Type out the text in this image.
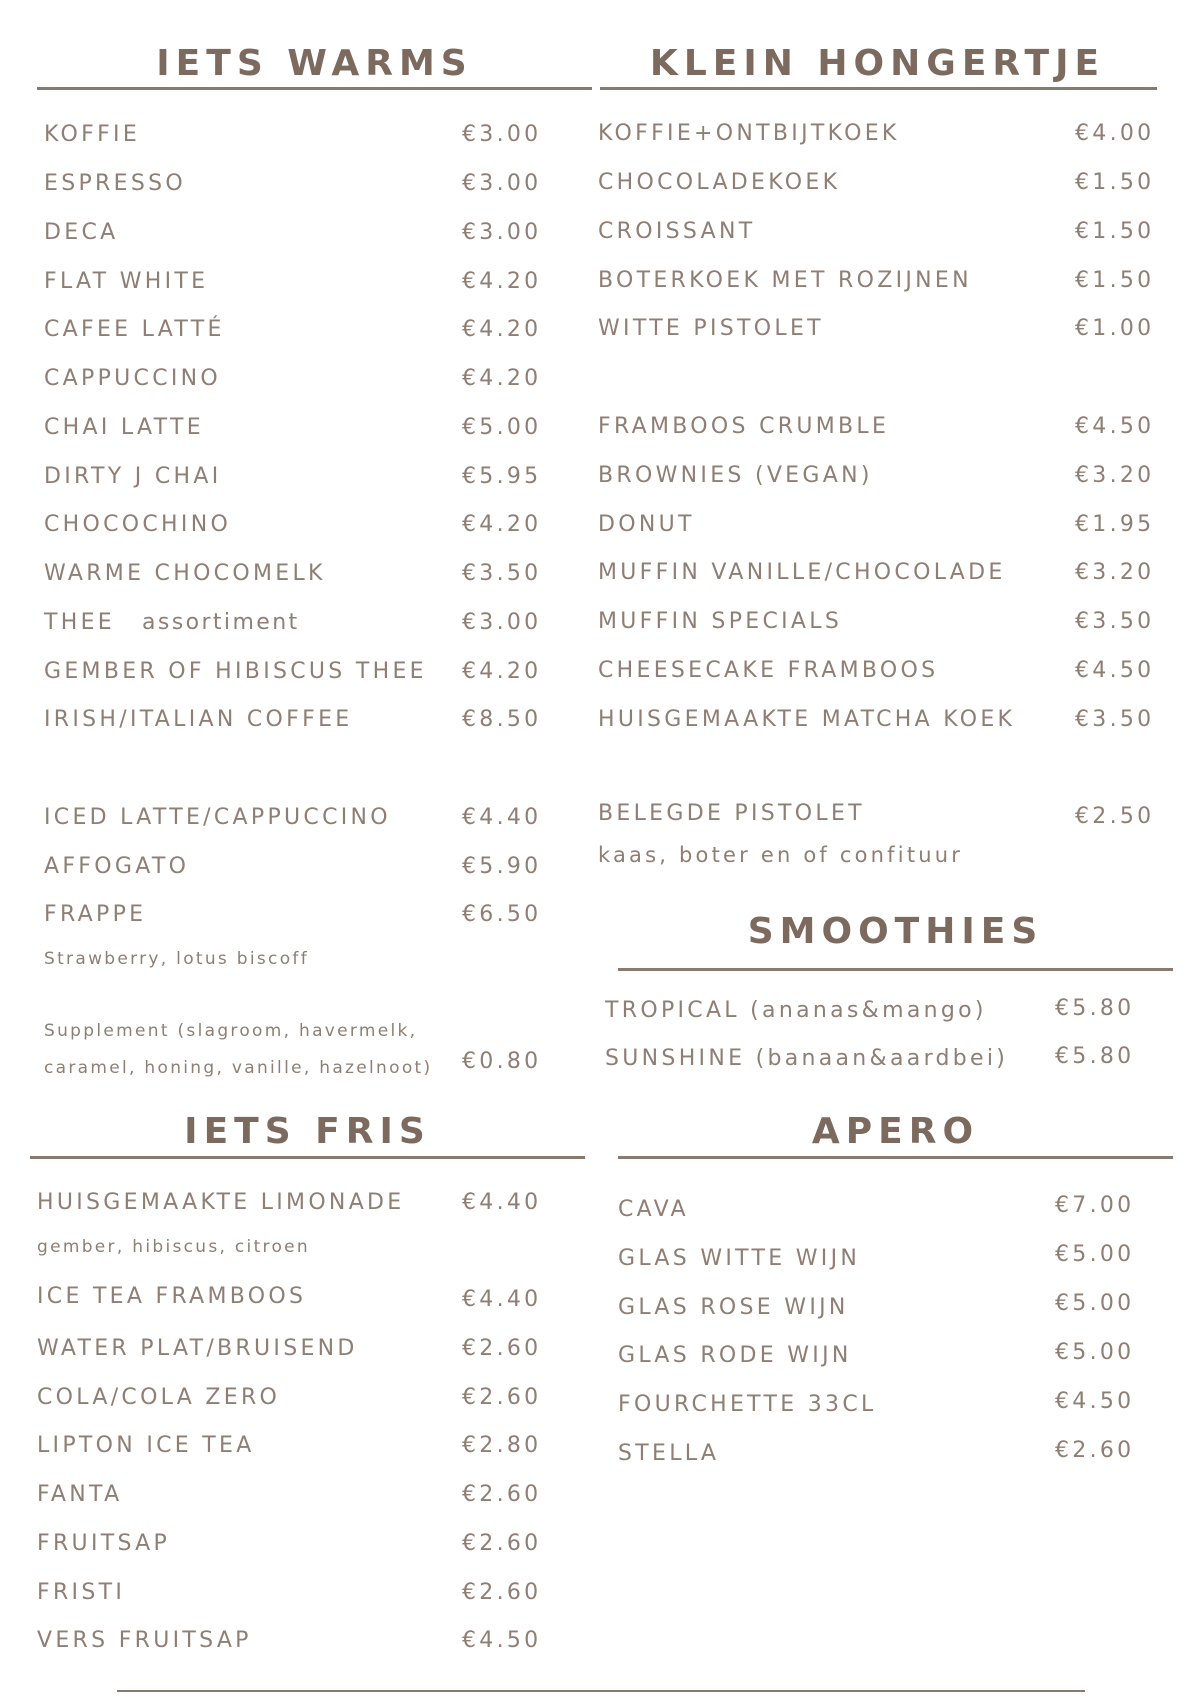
IETS WARMS
KOFFIE	€3.00
ESPRESSO	€3.00
DECA	€3.00
FLAT WHITE	€4.20
CAFEE LATTÉ	€4.20
CAPPUCCINO	€4.20
CHAI LATTE	€5.00
DIRTY J CHAI	€5.95
CHOCOCHINO	€4.20
WARME CHOCOMELK	€3.50
THEE assortiment	€3.00
GEMBER OF HIBISCUS THEE €4.20
IRISH/ITALIAN COFFEE	€8.50
ICED LATTE/CAPPUCCINO	€4.40
AFFOGATO	€5.90
FRAPPE	€6.50
Strawberry, lotus biscoff
Supplement (slagroom, havermelk,
caramel, honing, vanille, hazelnoot) €0.80
KLEIN HONGERTJE
KOFFIE+ONTBIJTKOEK	€4.00
CHOCOLADEKOEK	€1.50
CROISSANT	€1.50
BOTERKOEK MET ROZIJNEN	€1.50
WITTE PISTOLET	€1.00
FRAMBOOS CRUMBLE	€4.50
BROWNIES (VEGAN)	€3.20
DONUT	€1.95
MUFFIN VANILLE/CHOCOLADE	€3.20
MUFFIN SPECIALS	€3.50
CHEESECAKE FRAMBOOS	€4.50
HUISGEMAAKTE MATCHA KOEK	€3.50
BELEGDE PISTOLET	€2.50
kaas, boter en of confituur
SMOOTHIES
TROPICAL (ananas&mango)	€5.80
SUNSHINE (banaan&aardbei) €5.80
IETS FRIS
HUISGEMAAKTE LIMONADE	€4.40
gember, hibiscus, citroen
ICE TEA FRAMBOOS	€4.40
WATER PLAT/BRUISEND	€2.60
COLA/COLA ZERO	€2.60
LIPTON ICE TEA	€2.80
FANTA	€2.60
FRUITSAP	€2.60
FRISTI	€2.60
VERS FRUITSAP	€4.50
APERO
CAVA	€7.00
GLAS WITTE WIJN	€5.00
GLAS ROSE WIJN	€5.00
GLAS RODE WIJN	€5.00
FOURCHETTE 33CL	€4.50
STELLA	€2.60
